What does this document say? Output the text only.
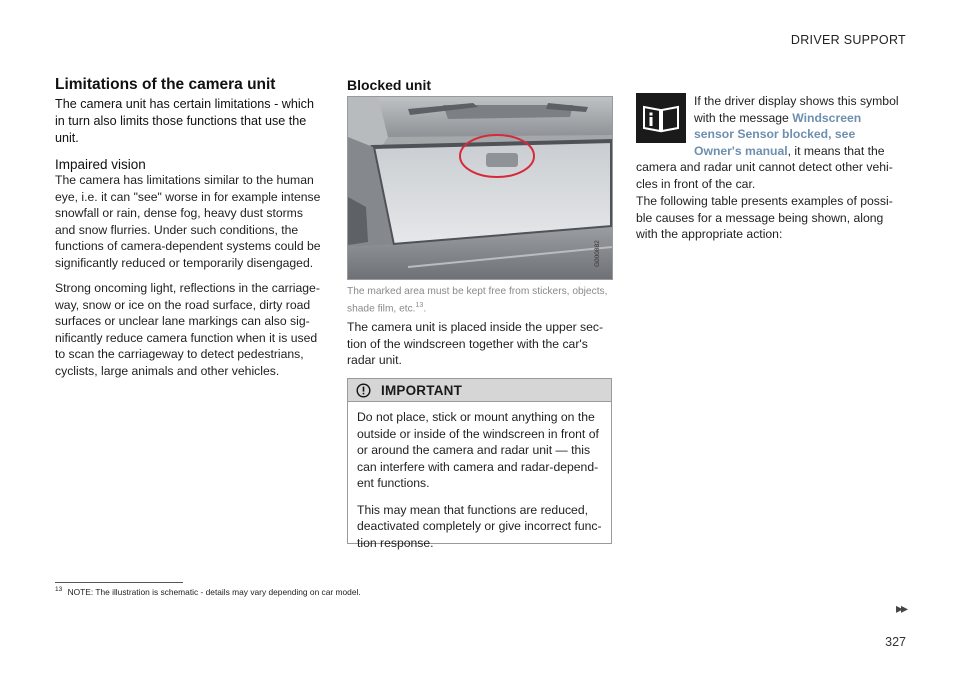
DRIVER SUPPORT
Limitations of the camera unit

The camera unit has certain limitations - which in turn also limits those functions that use the unit.

Impaired vision

The camera has limitations similar to the human eye, i.e. it can "see" worse in for example intense snowfall or rain, dense fog, heavy dust storms and snow flurries. Under such conditions, the functions of camera-dependent systems could be significantly reduced or temporarily disengaged.

Strong oncoming light, reflections in the carriage-way, snow or ice on the road surface, dirty road surfaces or unclear lane markings can also sig-nificantly reduce camera function when it is used to scan the carriageway to detect pedestrians, cyclists, large animals and other vehicles.

Blocked unit
G000882

The marked area must be kept free from stickers, objects, shade film, etc.$^{13}$.

The camera unit is placed inside the upper sec-tion of the windscreen together with the car's radar unit.

IMPORTANT

Do not place, stick or mount anything on the outside or inside of the windscreen in front of or around the camera and radar unit — this can interfere with camera and radar-depend-ent functions.

This may mean that functions are reduced, deactivated completely or give incorrect func-tion response.

If the driver display shows this symbol with the message Windscreen sensor Sensor blocked, see Owner's manual, it means that the camera and radar unit cannot detect other vehi-cles in front of the car.

The following table presents examples of possi-ble causes for a message being shown, along with the appropriate action:

$^{13}$ NOTE: The illustration is schematic - details may vary depending on car model.
▸▸
327
